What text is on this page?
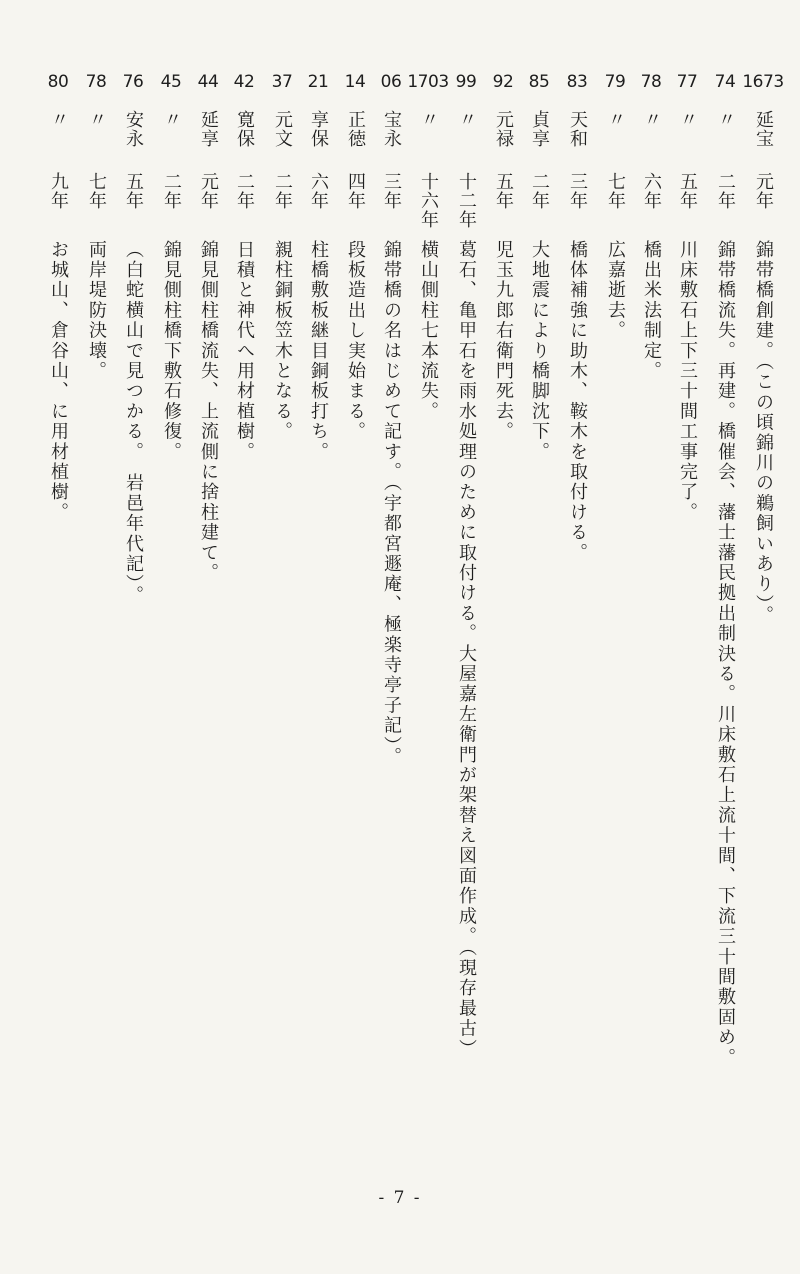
1673
延宝
元年
錦帯橋創建。（この頃錦川の鵜飼いあり）。
74
〃
二年
錦帯橋流失。再建。橋催会、藩士藩民拠出制決る。川床敷石上流十間、下流三十間敷固め。
77
〃
五年
川床敷石上下三十間工事完了。
78
〃
六年
橋出米法制定。
79
〃
七年
広嘉逝去。
83
天和
三年
橋体補強に助木、鞍木を取付ける。
85
貞享
二年
大地震により橋脚沈下。
92
元禄
五年
児玉九郎右衛門死去。
99
〃
十二年
葛石、亀甲石を雨水処理のために取付ける。大屋嘉左衛門が架替え図面作成。（現存最古）
1703
〃
十六年
横山側柱七本流失。
06
宝永
三年
錦帯橋の名はじめて記す。（宇都宮遯庵、極楽寺亭子記）。
14
正徳
四年
段板造出し実始まる。
21
享保
六年
柱橋敷板継目銅板打ち。
37
元文
二年
親柱銅板笠木となる。
42
寛保
二年
日積と神代へ用材植樹。
44
延享
元年
錦見側柱橋流失、上流側に捨柱建て。
45
〃
二年
錦見側柱橋下敷石修復。
76
安永
五年
（白蛇横山で見つかる。　岩邑年代記）。
78
〃
七年
両岸堤防決壊。
80
〃
九年
お城山、倉谷山、に用材植樹。
- 7 -
